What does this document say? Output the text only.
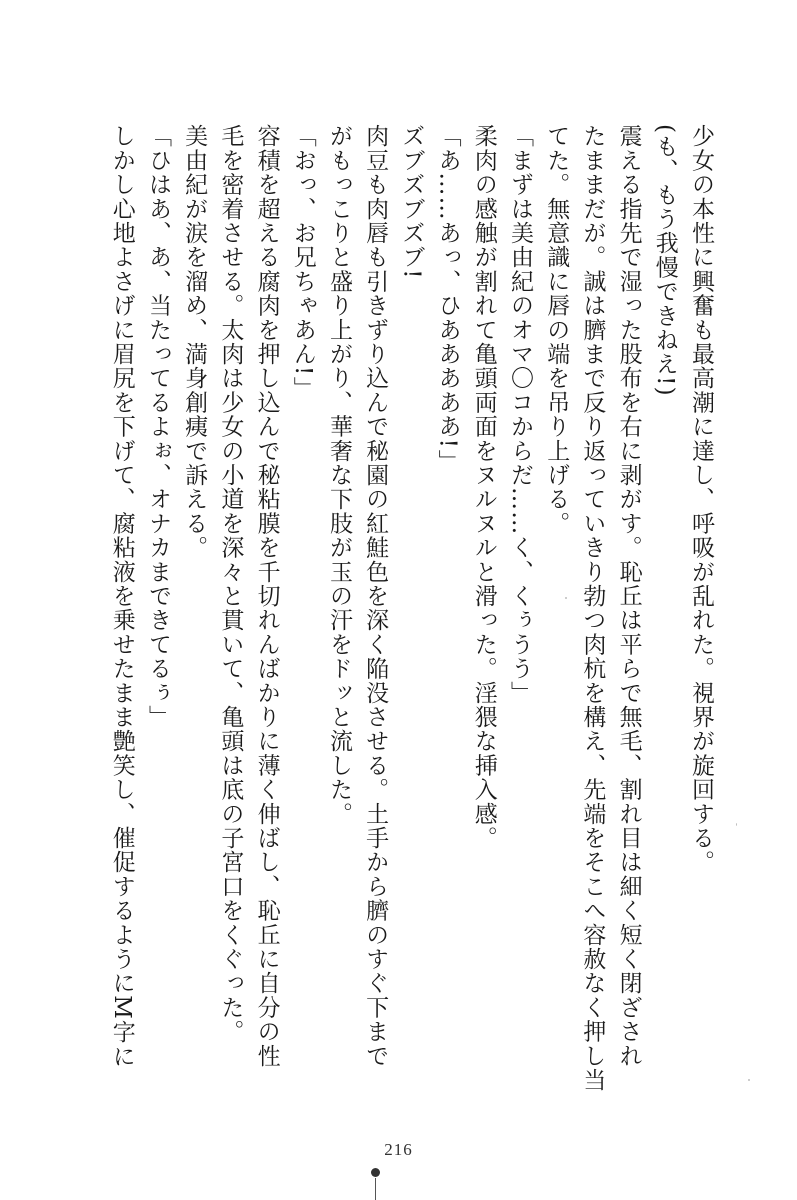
少女の本性に興奮も最高潮に達し、呼吸が乱れた。視界が旋回する。

(も、もう我慢できねえ!)

震える指先で湿った股布を右に剥がす。恥丘は平らで無毛、割れ目は細く短く閉ざされ

たままだが。誠は臍まで反り返っていきり勃つ肉杭を構え、先端をそこへ容赦なく押し当

てた。無意識に唇の端を吊り上げる。

「まずは美由紀のオマ〇コからだ……く、くぅうう」

柔肉の感触が割れて亀頭両面をヌルヌルと滑った。淫猥な挿入感。

「あ……あっ、ひあああああ!」

ズブズブズブ!

肉豆も肉唇も引きずり込んで秘園の紅鮭色を深く陥没させる。土手から臍のすぐ下まで

がもっこりと盛り上がり、華奢な下肢が玉の汗をドッと流した。

「おっ、お兄ちゃあん!」

容積を超える腐肉を押し込んで秘粘膜を千切れんばかりに薄く伸ばし、恥丘に自分の性

毛を密着させる。太肉は少女の小道を深々と貫いて、亀頭は底の子宮口をくぐった。

美由紀が涙を溜め、満身創痍で訴える。

「ひはあ、あ、当たってるよぉ、オナカまできてるぅ」

しかし心地よさげに眉尻を下げて、腐粘液を乗せたまま艶笑し、催促するようにM字に

216
